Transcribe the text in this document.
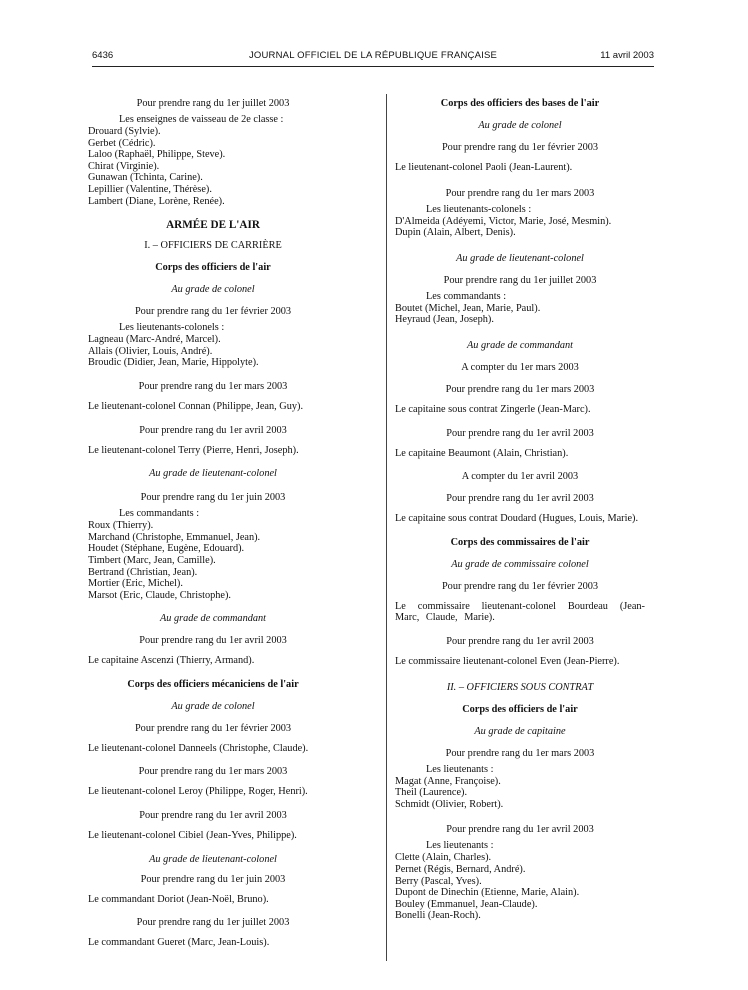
6436	JOURNAL OFFICIEL DE LA RÉPUBLIQUE FRANÇAISE	11 avril 2003
Pour prendre rang du 1er juillet 2003
Les enseignes de vaisseau de 2e classe :
Drouard (Sylvie).
Gerbet (Cédric).
Laloo (Raphaël, Philippe, Steve).
Chirat (Virginie).
Gunawan (Tchinta, Carine).
Lepillier (Valentine, Thérèse).
Lambert (Diane, Lorène, Renée).
ARMÉE DE L'AIR
I. – OFFICIERS DE CARRIÈRE
Corps des officiers de l'air
Au grade de colonel
Pour prendre rang du 1er février 2003
Les lieutenants-colonels :
Lagneau (Marc-André, Marcel).
Allais (Olivier, Louis, André).
Broudic (Didier, Jean, Marie, Hippolyte).
Pour prendre rang du 1er mars 2003
Le lieutenant-colonel Connan (Philippe, Jean, Guy).
Pour prendre rang du 1er avril 2003
Le lieutenant-colonel Terry (Pierre, Henri, Joseph).
Au grade de lieutenant-colonel
Pour prendre rang du 1er juin 2003
Les commandants :
Roux (Thierry).
Marchand (Christophe, Emmanuel, Jean).
Houdet (Stéphane, Eugène, Edouard).
Timbert (Marc, Jean, Camille).
Bertrand (Christian, Jean).
Mortier (Eric, Michel).
Marsot (Eric, Claude, Christophe).
Au grade de commandant
Pour prendre rang du 1er avril 2003
Le capitaine Ascenzi (Thierry, Armand).
Corps des officiers mécaniciens de l'air
Au grade de colonel
Pour prendre rang du 1er février 2003
Le lieutenant-colonel Danneels (Christophe, Claude).
Pour prendre rang du 1er mars 2003
Le lieutenant-colonel Leroy (Philippe, Roger, Henri).
Pour prendre rang du 1er avril 2003
Le lieutenant-colonel Cibiel (Jean-Yves, Philippe).
Au grade de lieutenant-colonel
Pour prendre rang du 1er juin 2003
Le commandant Doriot (Jean-Noël, Bruno).
Pour prendre rang du 1er juillet 2003
Le commandant Gueret (Marc, Jean-Louis).
Corps des officiers des bases de l'air
Au grade de colonel
Pour prendre rang du 1er février 2003
Le lieutenant-colonel Paoli (Jean-Laurent).
Pour prendre rang du 1er mars 2003
Les lieutenants-colonels :
D'Almeida (Adéyemi, Victor, Marie, José, Mesmin).
Dupin (Alain, Albert, Denis).
Au grade de lieutenant-colonel
Pour prendre rang du 1er juillet 2003
Les commandants :
Boutet (Michel, Jean, Marie, Paul).
Heyraud (Jean, Joseph).
Au grade de commandant
A compter du 1er mars 2003
Pour prendre rang du 1er mars 2003
Le capitaine sous contrat Zingerle (Jean-Marc).
Pour prendre rang du 1er avril 2003
Le capitaine Beaumont (Alain, Christian).
A compter du 1er avril 2003
Pour prendre rang du 1er avril 2003
Le capitaine sous contrat Doudard (Hugues, Louis, Marie).
Corps des commissaires de l'air
Au grade de commissaire colonel
Pour prendre rang du 1er février 2003
Le commissaire lieutenant-colonel Bourdeau (Jean-Marc, Claude, Marie).
Pour prendre rang du 1er avril 2003
Le commissaire lieutenant-colonel Even (Jean-Pierre).
II. – OFFICIERS SOUS CONTRAT
Corps des officiers de l'air
Au grade de capitaine
Pour prendre rang du 1er mars 2003
Les lieutenants :
Magat (Anne, Françoise).
Theil (Laurence).
Schmidt (Olivier, Robert).
Pour prendre rang du 1er avril 2003
Les lieutenants :
Clette (Alain, Charles).
Pernet (Régis, Bernard, André).
Berry (Pascal, Yves).
Dupont de Dinechin (Etienne, Marie, Alain).
Bouley (Emmanuel, Jean-Claude).
Bonelli (Jean-Roch).
